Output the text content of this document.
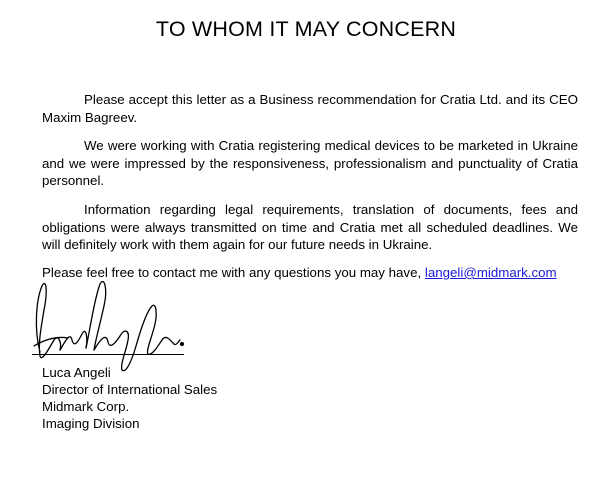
TO WHOM IT MAY CONCERN

Please accept this letter as a Business recommendation for Cratia Ltd. and its CEO Maxim Bagreev.

We were working with Cratia registering medical devices to be marketed in Ukraine and we were impressed by the responsiveness, professionalism and punctuality of Cratia personnel.

Information regarding legal requirements, translation of documents, fees and obligations were always transmitted on time and Cratia met all scheduled deadlines. We will definitely work with them again for our future needs in Ukraine.

Please feel free to contact me with any questions you may have, langeli@midmark.com

Luca Angeli
Director of International Sales
Midmark Corp.
Imaging Division
